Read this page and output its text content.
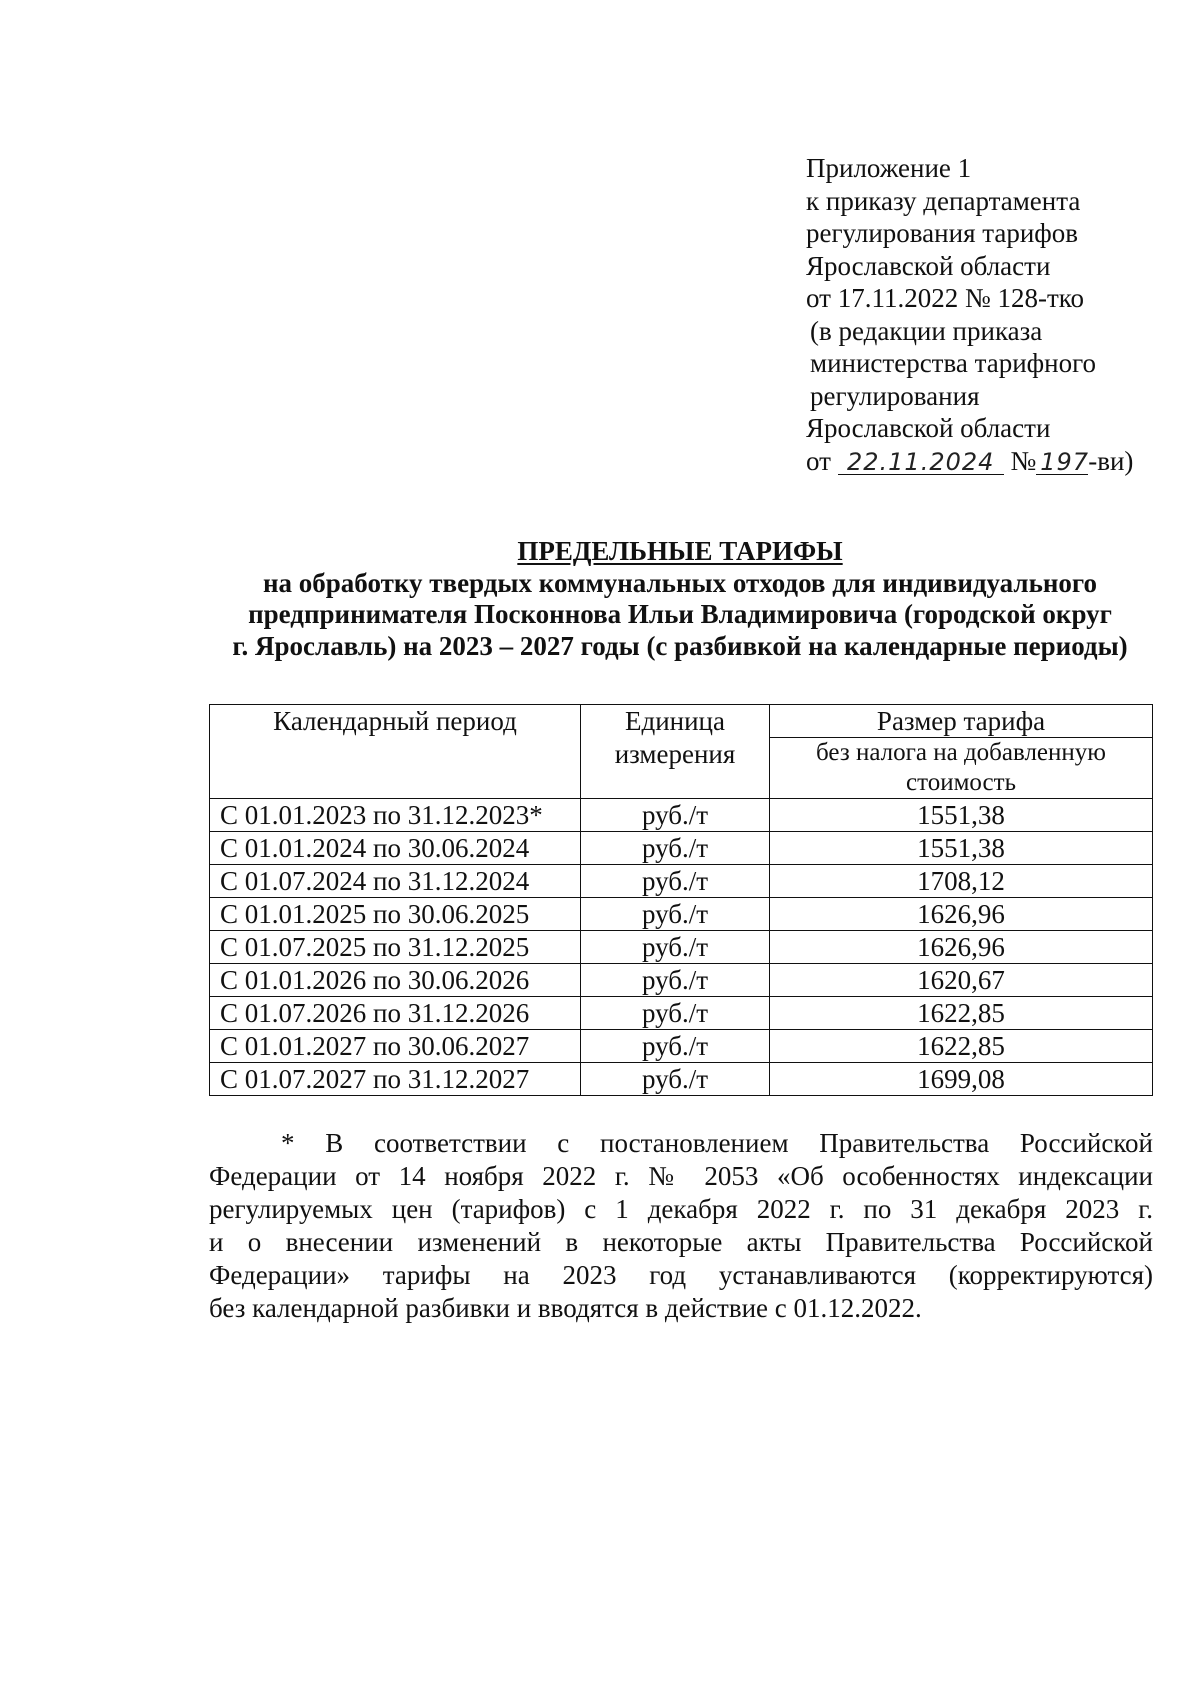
Приложение 1
к приказу департамента
регулирования тарифов
Ярославской области
от 17.11.2022 № 128-тко
(в редакции приказа
министерства тарифного
регулирования
Ярославской области
от 22.11.2024 № 197-ви)
ПРЕДЕЛЬНЫЕ ТАРИФЫ
на обработку твердых коммунальных отходов для индивидуального
предпринимателя Посконнова Ильи Владимировича (городской округ
г. Ярославль) на 2023 – 2027 годы (с разбивкой на календарные периоды)
Календарный период	Единица измерения	Размер тарифа
		без налога на добавленную стоимость
С 01.01.2023 по 31.12.2023*	руб./т	1551,38
С 01.01.2024 по 30.06.2024	руб./т	1551,38
С 01.07.2024 по 31.12.2024	руб./т	1708,12
С 01.01.2025 по 30.06.2025	руб./т	1626,96
С 01.07.2025 по 31.12.2025	руб./т	1626,96
С 01.01.2026 по 30.06.2026	руб./т	1620,67
С 01.07.2026 по 31.12.2026	руб./т	1622,85
С 01.01.2027 по 30.06.2027	руб./т	1622,85
С 01.07.2027 по 31.12.2027	руб./т	1699,08
* В соответствии с постановлением Правительства Российской
Федерации от 14 ноября 2022 г. № 2053 «Об особенностях индексации
регулируемых цен (тарифов) с 1 декабря 2022 г. по 31 декабря 2023 г.
и о внесении изменений в некоторые акты Правительства Российской
Федерации» тарифы на 2023 год устанавливаются (корректируются)
без календарной разбивки и вводятся в действие с 01.12.2022.
